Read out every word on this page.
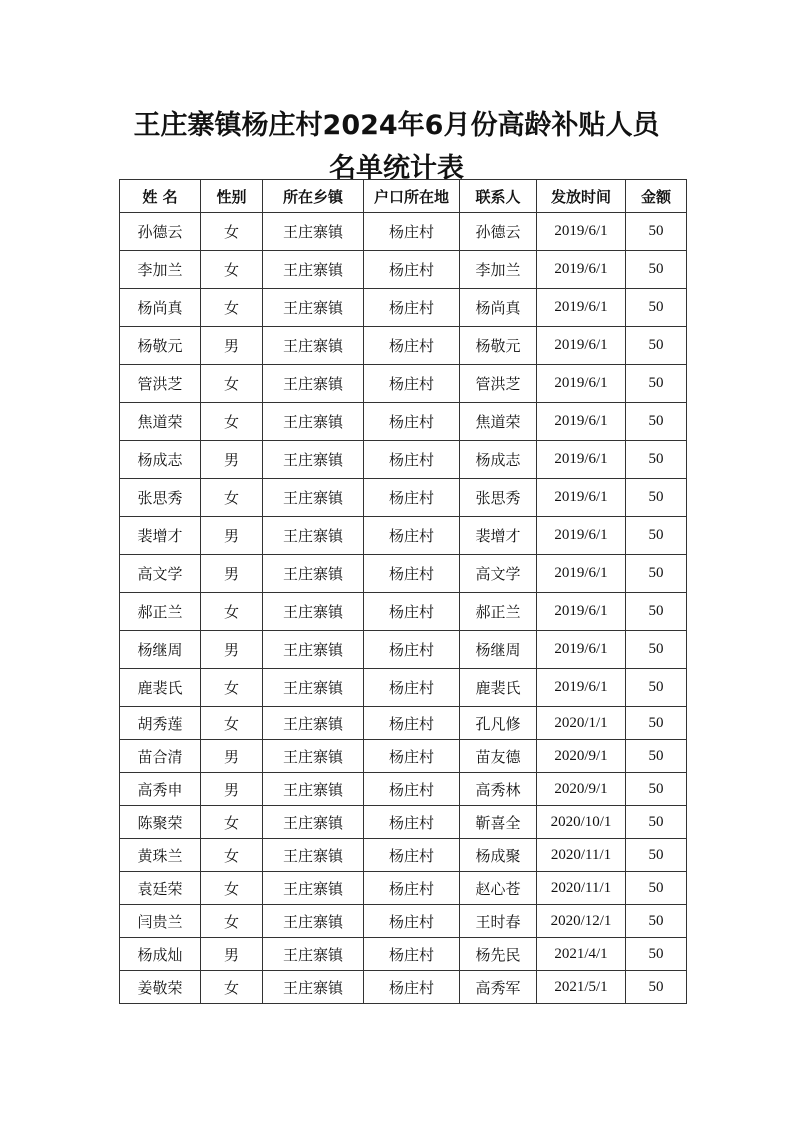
王庄寨镇杨庄村2024年6月份高龄补贴人员
名单统计表
姓 名	性别	所在乡镇	户口所在地	联系人	发放时间	金额
孙德云	女	王庄寨镇	杨庄村	孙德云	2019/6/1	50
李加兰	女	王庄寨镇	杨庄村	李加兰	2019/6/1	50
杨尚真	女	王庄寨镇	杨庄村	杨尚真	2019/6/1	50
杨敬元	男	王庄寨镇	杨庄村	杨敬元	2019/6/1	50
管洪芝	女	王庄寨镇	杨庄村	管洪芝	2019/6/1	50
焦道荣	女	王庄寨镇	杨庄村	焦道荣	2019/6/1	50
杨成志	男	王庄寨镇	杨庄村	杨成志	2019/6/1	50
张思秀	女	王庄寨镇	杨庄村	张思秀	2019/6/1	50
裴增才	男	王庄寨镇	杨庄村	裴增才	2019/6/1	50
高文学	男	王庄寨镇	杨庄村	高文学	2019/6/1	50
郝正兰	女	王庄寨镇	杨庄村	郝正兰	2019/6/1	50
杨继周	男	王庄寨镇	杨庄村	杨继周	2019/6/1	50
鹿裴氏	女	王庄寨镇	杨庄村	鹿裴氏	2019/6/1	50
胡秀莲	女	王庄寨镇	杨庄村	孔凡修	2020/1/1	50
苗合清	男	王庄寨镇	杨庄村	苗友德	2020/9/1	50
高秀申	男	王庄寨镇	杨庄村	高秀林	2020/9/1	50
陈聚荣	女	王庄寨镇	杨庄村	靳喜全	2020/10/1	50
黄珠兰	女	王庄寨镇	杨庄村	杨成聚	2020/11/1	50
袁廷荣	女	王庄寨镇	杨庄村	赵心苍	2020/11/1	50
闫贵兰	女	王庄寨镇	杨庄村	王时春	2020/12/1	50
杨成灿	男	王庄寨镇	杨庄村	杨先民	2021/4/1	50
姜敬荣	女	王庄寨镇	杨庄村	高秀军	2021/5/1	50
